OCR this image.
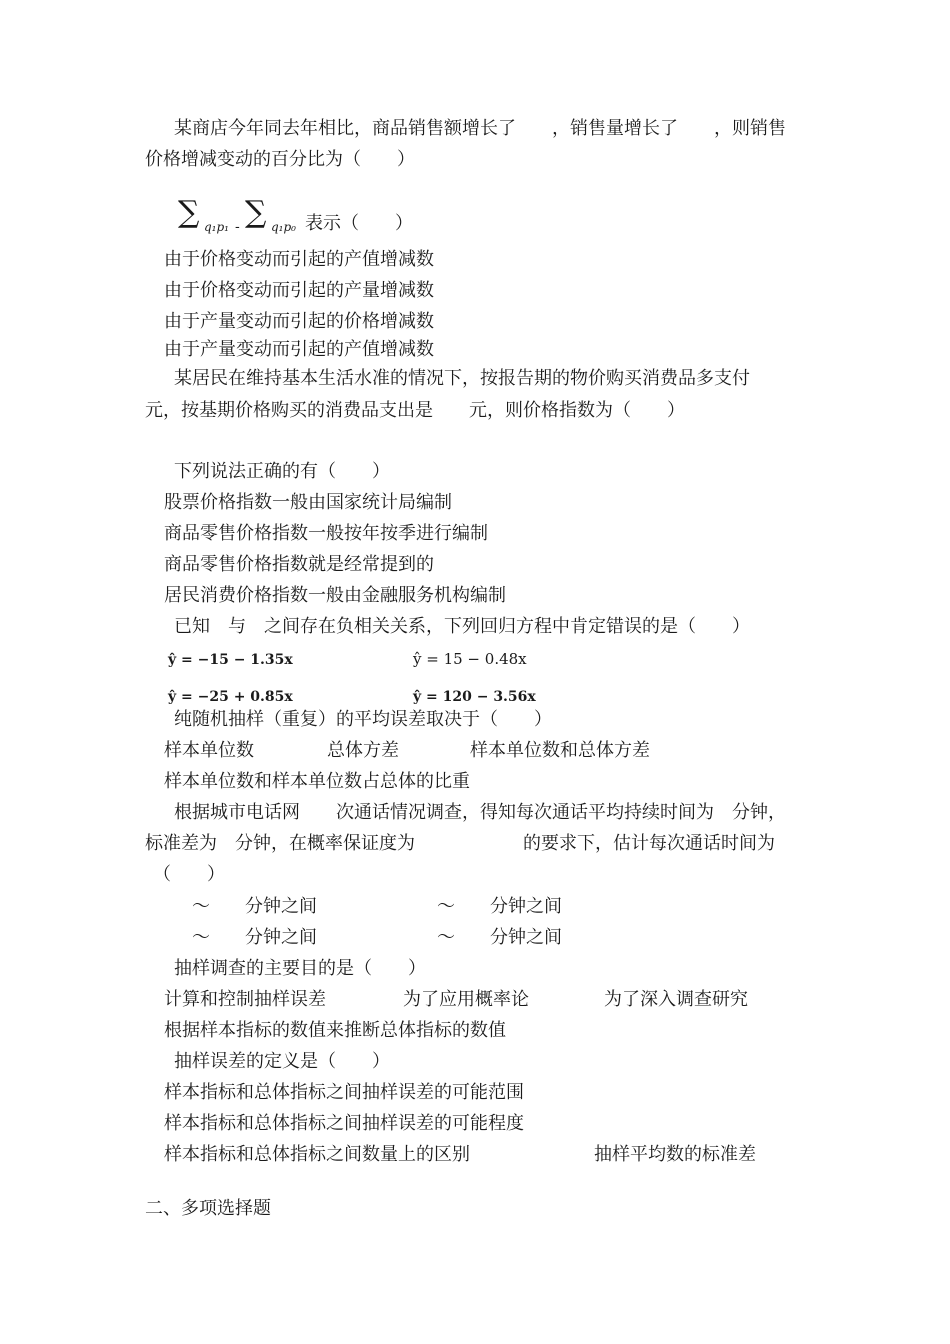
某商店今年同去年相比，商品销售额增长了　　，销售量增长了　　，则销售
价格增减变动的百分比为（　　）
∑ q₁p₁ - ∑ q₁p₀ 表示（　　）
由于价格变动而引起的产值增减数
由于价格变动而引起的产量增减数
由于产量变动而引起的价格增减数
由于产量变动而引起的产值增减数
某居民在维持基本生活水准的情况下，按报告期的物价购买消费品多支付
元，按基期价格购买的消费品支出是　　元，则价格指数为（　　）
下列说法正确的有（　　）
股票价格指数一般由国家统计局编制
商品零售价格指数一般按年按季进行编制
商品零售价格指数就是经常提到的
居民消费价格指数一般由金融服务机构编制
已知　与　之间存在负相关关系，下列回归方程中肯定错误的是（　　）
ŷ = −15 − 1.35x	ŷ = 15 − 0.48x
ŷ = −25 + 0.85x	ŷ = 120 − 3.56x
纯随机抽样（重复）的平均误差取决于（　　）
样本单位数	总体方差	样本单位数和总体方差
样本单位数和样本单位数占总体的比重
根据城市电话网　　次通话情况调查，得知每次通话平均持续时间为　分钟，
标准差为　分钟，在概率保证度为　　　　　　的要求下，估计每次通话时间为
（　　）
～ 分钟之间	～ 分钟之间
～ 分钟之间	～ 分钟之间
抽样调查的主要目的是（　　）
计算和控制抽样误差	为了应用概率论	为了深入调查研究
根据样本指标的数值来推断总体指标的数值
抽样误差的定义是（　　）
样本指标和总体指标之间抽样误差的可能范围
样本指标和总体指标之间抽样误差的可能程度
样本指标和总体指标之间数量上的区别	抽样平均数的标准差
二、多项选择题
